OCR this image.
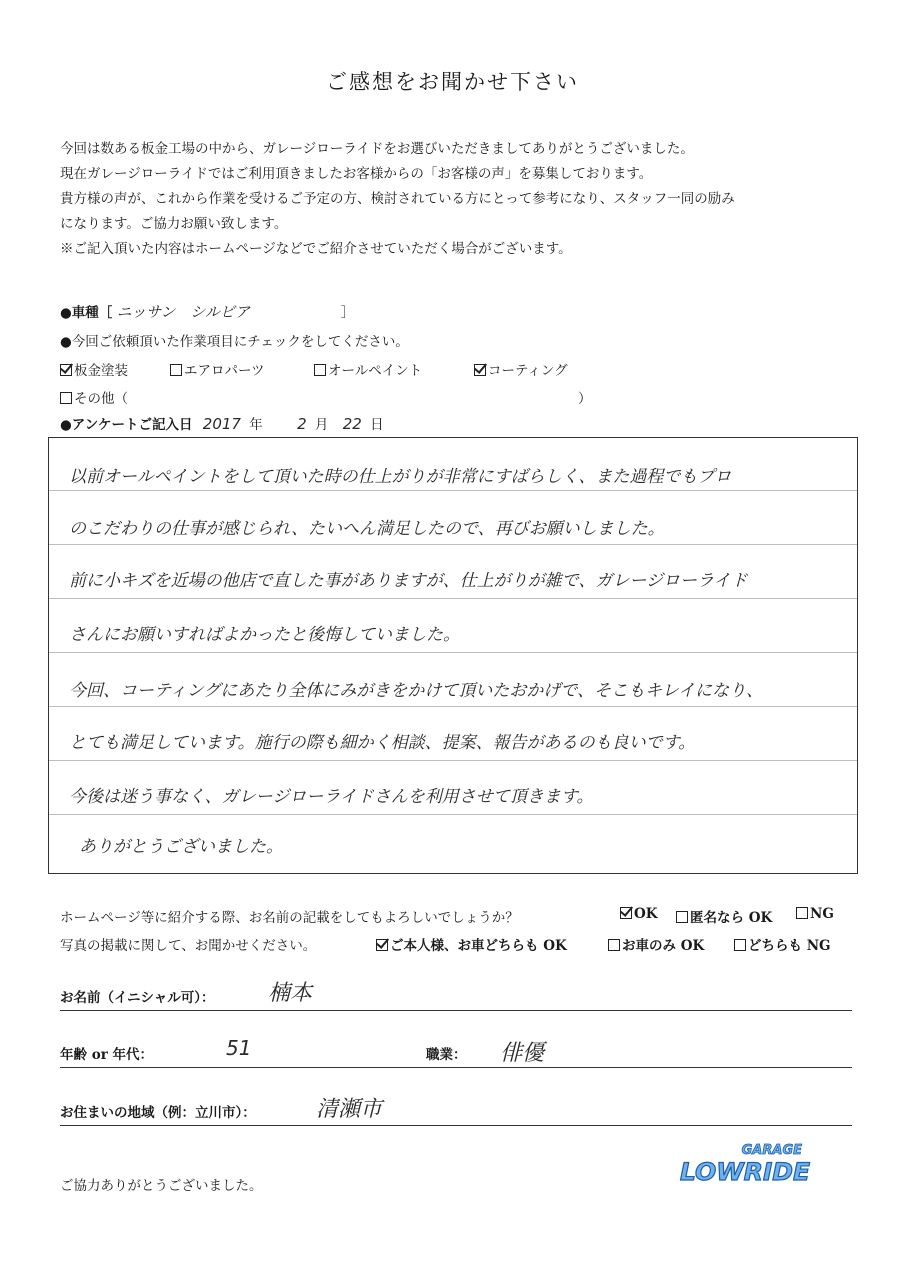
ご感想をお聞かせ下さい
今回は数ある板金工場の中から、ガレージローライドをお選びいただきましてありがとうございました。
現在ガレージローライドではご利用頂きましたお客様からの「お客様の声」を募集しております。
貴方様の声が、これから作業を受けるご予定の方、検討されている方にとって参考になり、スタッフ一同の励み
になります。ご協力お願い致します。
※ご記入頂いた内容はホームページなどでご紹介させていただく場合がございます。
●車種［ ニッサン　シルビア	］
●今回ご依頼頂いた作業項目にチェックをしてください。
板金塗装	エアロパーツ	オールペイント	コーティング
その他（	）
●アンケートご記入日 2017 年 2 月 22 日
以前オールペイントをして頂いた時の仕上がりが非常にすばらしく、また過程でもプロ
のこだわりの仕事が感じられ、たいへん満足したので、再びお願いしました。
前に小キズを近場の他店で直した事がありますが、仕上がりが雑で、ガレージローライド
さんにお願いすればよかったと後悔していました。
今回、コーティングにあたり全体にみがきをかけて頂いたおかげで、そこもキレイになり、
とても満足しています。施行の際も細かく相談、提案、報告があるのも良いです。
今後は迷う事なく、ガレージローライドさんを利用させて頂きます。
ありがとうございました。
ホームページ等に紹介する際、お名前の記載をしてもよろしいでしょうか？	OK	匿名なら OK	NG
写真の掲載に関して、お聞かせください。	ご本人様、お車どちらも OK	お車のみ OK	どちらも NG
お名前（イニシャル可）： 楠本
年齢 or 年代：	51	職業： 俳優
お住まいの地域（例：立川市）：	清瀬市
ご協力ありがとうございました。
GARAGE
LOWRIDE
